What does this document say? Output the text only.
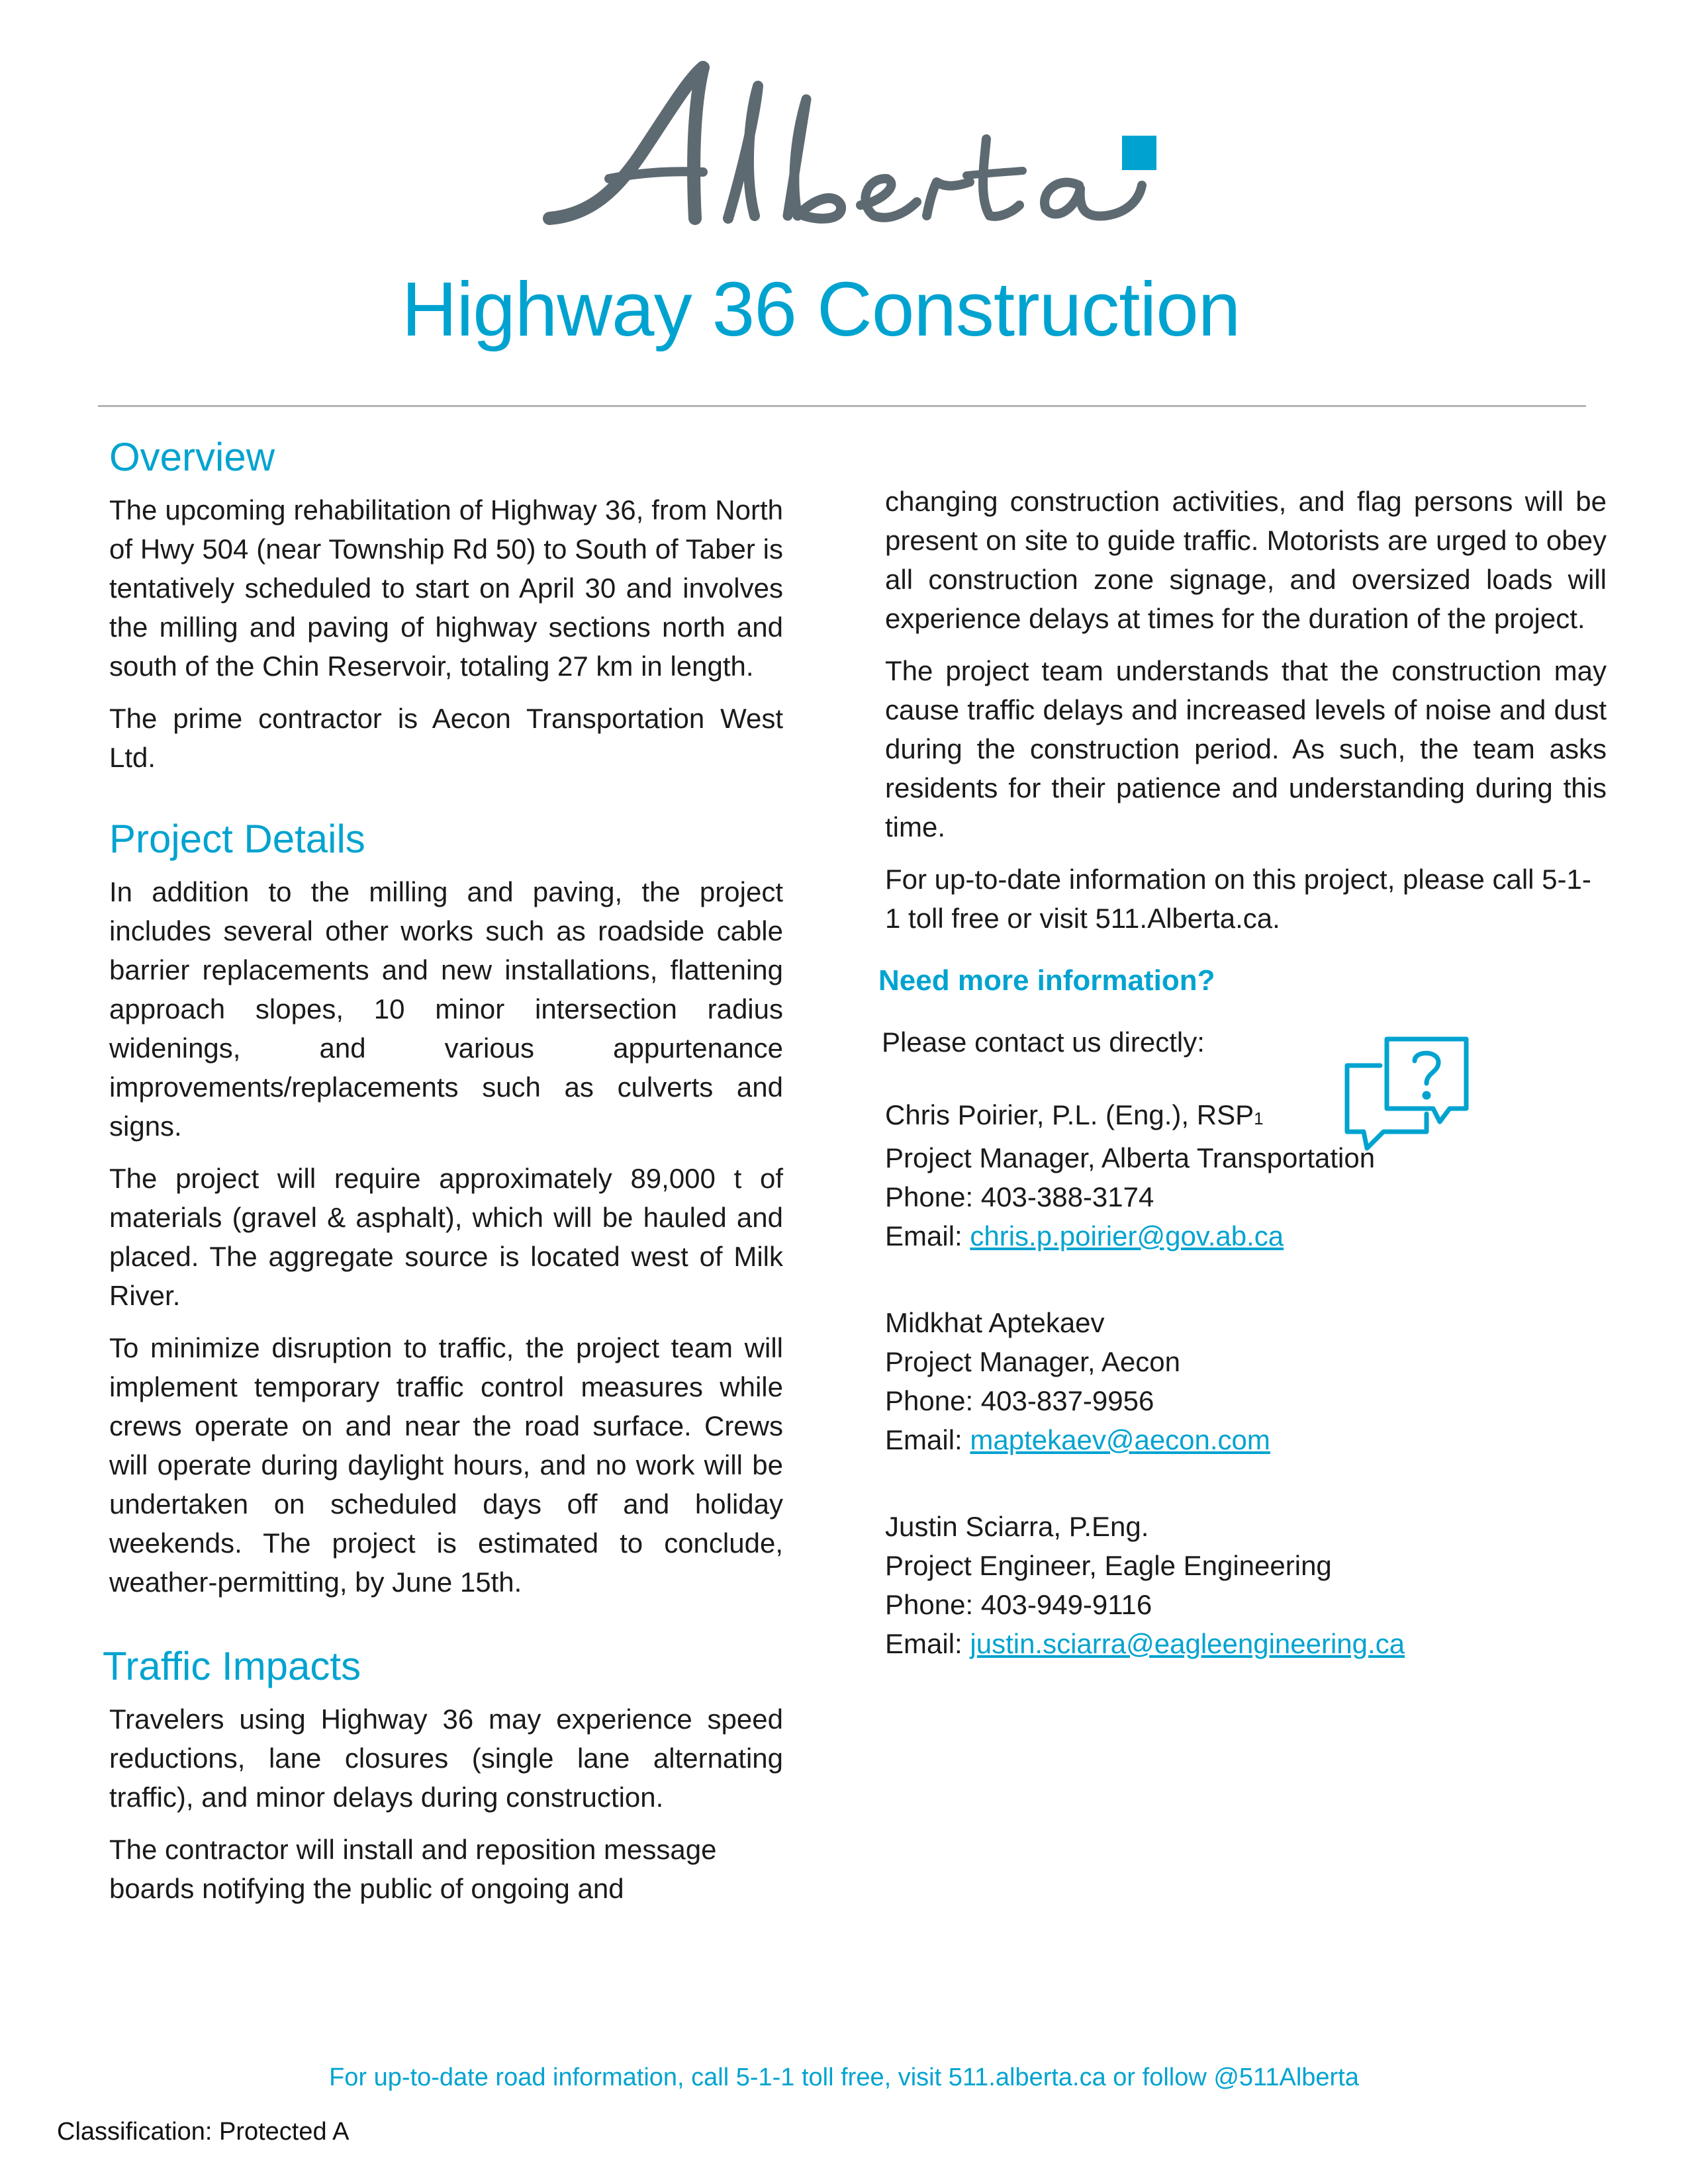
Highway 36 Construction
Overview

The upcoming rehabilitation of Highway 36, from North of Hwy 504 (near Township Rd 50) to South of Taber is tentatively scheduled to start on April 30 and involves the milling and paving of highway sections north and south of the Chin Reservoir, totaling 27 km in length.

The prime contractor is Aecon Transportation West Ltd.

Project Details

In addition to the milling and paving, the project includes several other works such as roadside cable barrier replacements and new installations, flattening approach slopes, 10 minor intersection radius widenings, and various appurtenance improvements/replacements such as culverts and signs.

The project will require approximately 89,000 t of materials (gravel & asphalt), which will be hauled and placed. The aggregate source is located west of Milk River.

To minimize disruption to traffic, the project team will implement temporary traffic control measures while crews operate on and near the road surface. Crews will operate during daylight hours, and no work will be undertaken on scheduled days off and holiday weekends. The project is estimated to conclude, weather-permitting, by June 15th.

Traffic Impacts

Travelers using Highway 36 may experience speed reductions, lane closures (single lane alternating traffic), and minor delays during construction.

The contractor will install and reposition message boards notifying the public of ongoing and

changing construction activities, and flag persons will be present on site to guide traffic. Motorists are urged to obey all construction zone signage, and oversized loads will experience delays at times for the duration of the project.

The project team understands that the construction may cause traffic delays and increased levels of noise and dust during the construction period. As such, the team asks residents for their patience and understanding during this time.

For up-to-date information on this project, please call 5-1-1 toll free or visit 511.Alberta.ca.

Need more information?
Please contact us directly:
Chris Poirier, P.L. (Eng.), RSP1
Project Manager, Alberta Transportation
Phone: 403-388-3174
Email: chris.p.poirier@gov.ab.ca
Midkhat Aptekaev
Project Manager, Aecon
Phone: 403-837-9956
Email: maptekaev@aecon.com
Justin Sciarra, P.Eng.
Project Engineer, Eagle Engineering
Phone: 403-949-9116
Email: justin.sciarra@eagleengineering.ca
For up-to-date road information, call 5-1-1 toll free, visit 511.alberta.ca or follow @511Alberta
Classification: Protected A
